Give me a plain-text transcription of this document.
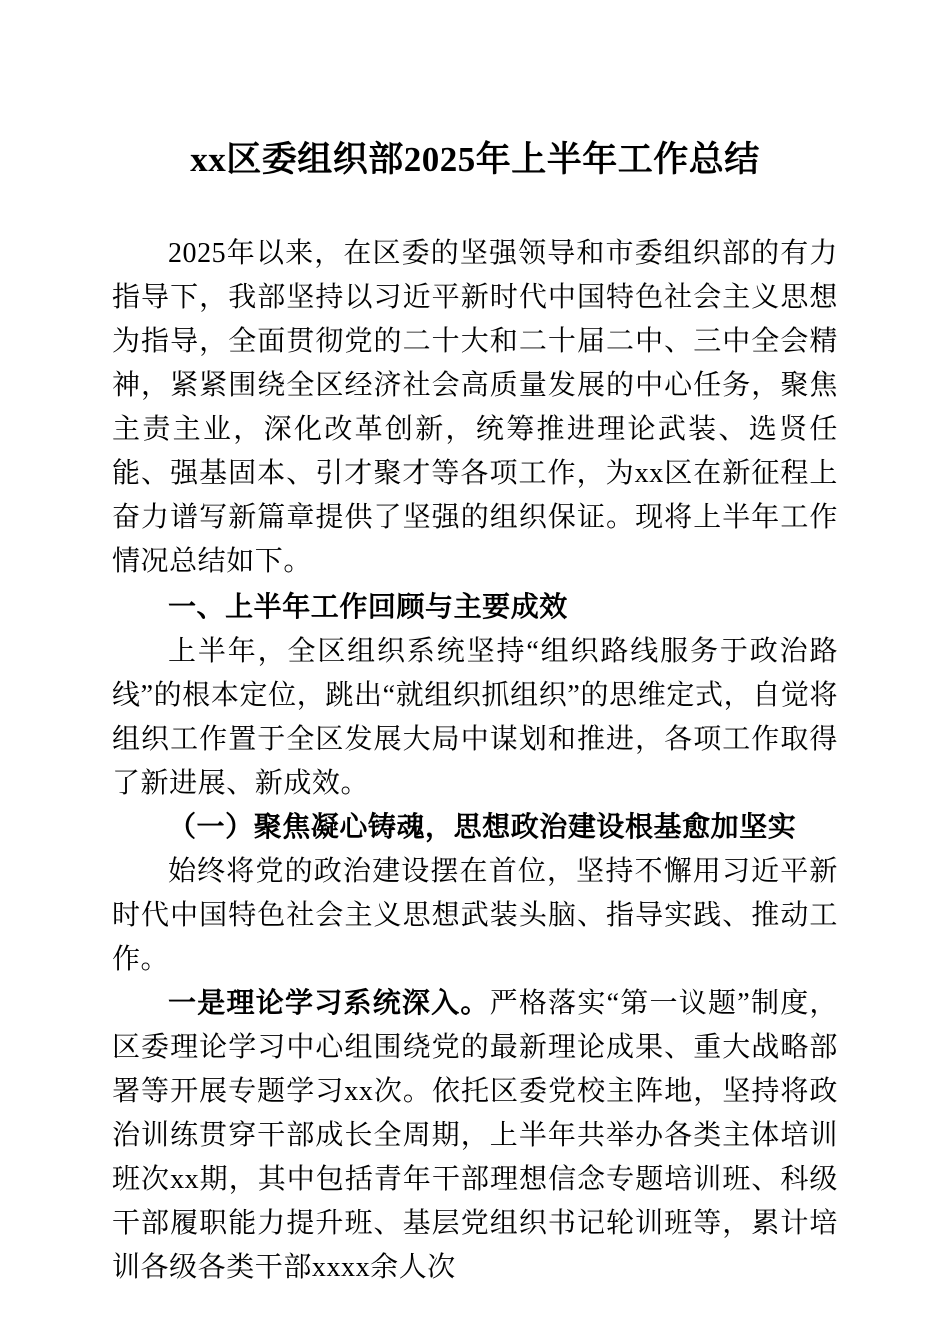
xx区委组织部2025年上半年工作总结

2025年以来，在区委的坚强领导和市委组织部的有力指导下，我部坚持以习近平新时代中国特色社会主义思想为指导，全面贯彻党的二十大和二十届二中、三中全会精神，紧紧围绕全区经济社会高质量发展的中心任务，聚焦主责主业，深化改革创新，统筹推进理论武装、选贤任能、强基固本、引才聚才等各项工作，为xx区在新征程上奋力谱写新篇章提供了坚强的组织保证。现将上半年工作情况总结如下。

一、上半年工作回顾与主要成效

上半年，全区组织系统坚持“组织路线服务于政治路线”的根本定位，跳出“就组织抓组织”的思维定式，自觉将组织工作置于全区发展大局中谋划和推进，各项工作取得了新进展、新成效。

（一）聚焦凝心铸魂，思想政治建设根基愈加坚实

始终将党的政治建设摆在首位，坚持不懈用习近平新时代中国特色社会主义思想武装头脑、指导实践、推动工作。

一是理论学习系统深入。严格落实“第一议题”制度，区委理论学习中心组围绕党的最新理论成果、重大战略部署等开展专题学习xx次。依托区委党校主阵地，坚持将政治训练贯穿干部成长全周期，上半年共举办各类主体培训班次xx期，其中包括青年干部理想信念专题培训班、科级干部履职能力提升班、基层党组织书记轮训班等，累计培训各级各类干部xxxx余人次
